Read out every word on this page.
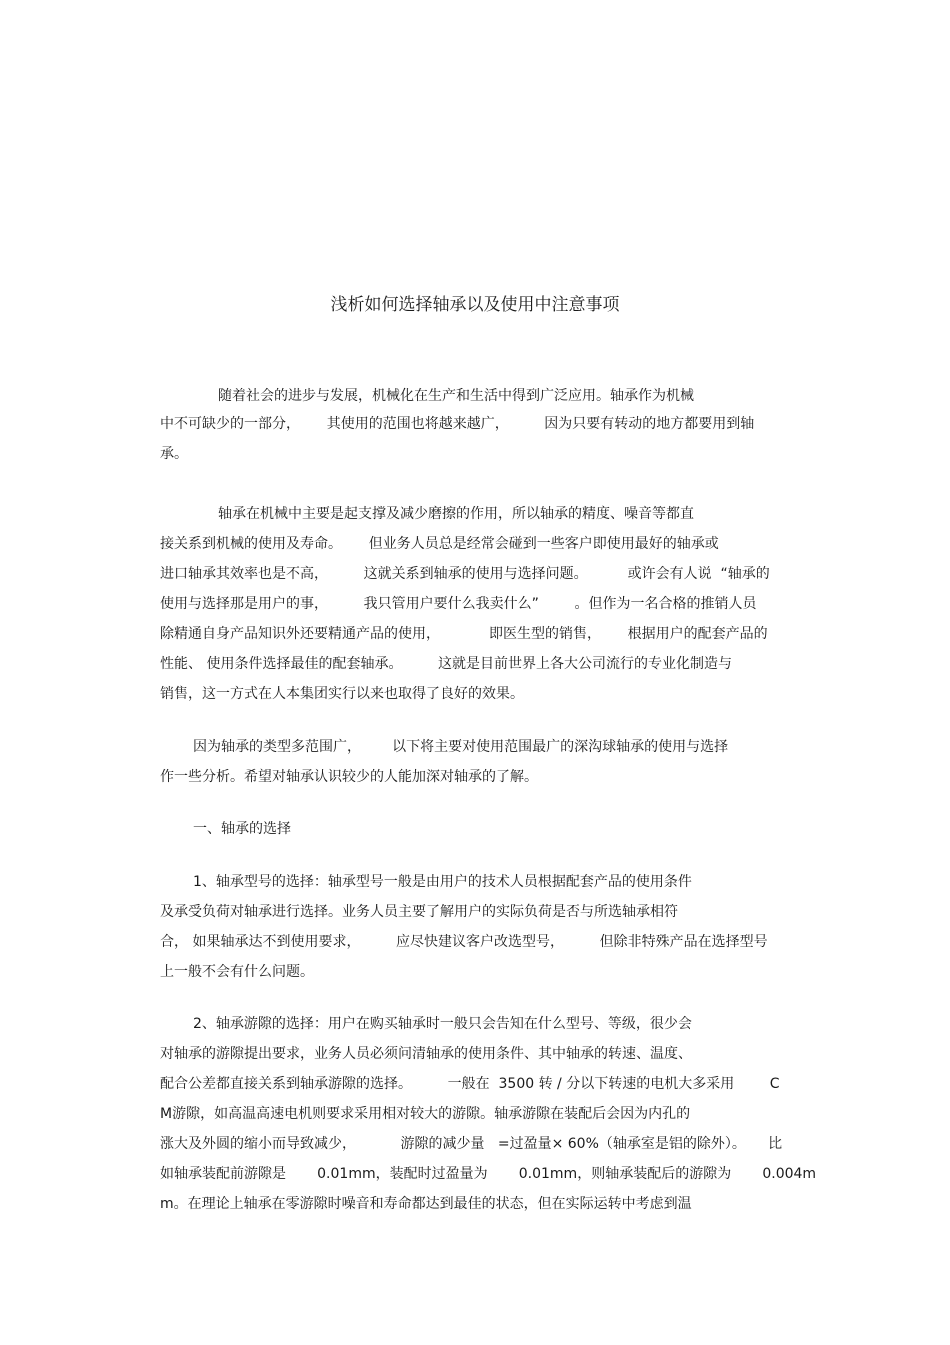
浅析如何选择轴承以及使用中注意事项
随着社会的进步与发展，机械化在生产和生活中得到广泛应用。轴承作为机械
中不可缺少的一部分，      其使用的范围也将越来越广，        因为只要有转动的地方都要用到轴
承。
轴承在机械中主要是起支撑及减少磨擦的作用，所以轴承的精度、噪音等都直
接关系到机械的使用及寿命。      但业务人员总是经常会碰到一些客户即使用最好的轴承或
进口轴承其效率也是不高，        这就关系到轴承的使用与选择问题。         或许会有人说  “轴承的
使用与选择那是用户的事，        我只管用户要什么我卖什么”        。但作为一名合格的推销人员
除精通自身产品知识外还要精通产品的使用，           即医生型的销售，      根据用户的配套产品的
性能、 使用条件选择最佳的配套轴承。        这就是目前世界上各大公司流行的专业化制造与
销售，这一方式在人本集团实行以来也取得了良好的效果。
因为轴承的类型多范围广，       以下将主要对使用范围最广的深沟球轴承的使用与选择
作一些分析。希望对轴承认识较少的人能加深对轴承的了解。
一、轴承的选择
1、轴承型号的选择：轴承型号一般是由用户的技术人员根据配套产品的使用条件
及承受负荷对轴承进行选择。业务人员主要了解用户的实际负荷是否与所选轴承相符
合， 如果轴承达不到使用要求，        应尽快建议客户改选型号，        但除非特殊产品在选择型号
上一般不会有什么问题。
2、轴承游隙的选择：用户在购买轴承时一般只会告知在什么型号、等级，很少会
对轴承的游隙提出要求，业务人员必须问清轴承的使用条件、其中轴承的转速、温度、
配合公差都直接关系到轴承游隙的选择。        一般在  3500 转 / 分以下转速的电机大多采用        C
M游隙，如高温高速电机则要求采用相对较大的游隙。轴承游隙在装配后会因为内孔的
涨大及外圆的缩小而导致减少，          游隙的减少量   =过盈量× 60%（轴承室是铝的除外）。     比
如轴承装配前游隙是       0.01mm，装配时过盈量为       0.01mm，则轴承装配后的游隙为       0.004m
m。在理论上轴承在零游隙时噪音和寿命都达到最佳的状态，但在实际运转中考虑到温
